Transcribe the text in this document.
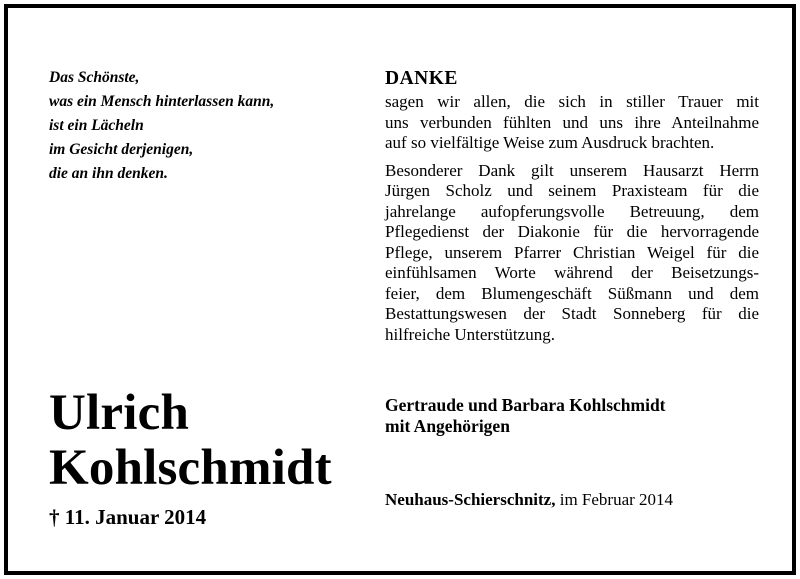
Das Schönste,
was ein Mensch hinterlassen kann,
ist ein Lächeln
im Gesicht derjenigen,
die an ihn denken.
DANKE
sagen wir allen, die sich in stiller Trauer mit
uns verbunden fühlten und uns ihre Anteilnahme
auf so vielfältige Weise zum Ausdruck brachten.
Besonderer Dank gilt unserem Hausarzt Herrn
Jürgen Scholz und seinem Praxisteam für die
jahrelange aufopferungsvolle Betreuung, dem
Pflegedienst der Diakonie für die hervorragende
Pflege, unserem Pfarrer Christian Weigel für die
einfühlsamen Worte während der Beisetzungs-
feier, dem Blumengeschäft Süßmann und dem
Bestattungswesen der Stadt Sonneberg für die
hilfreiche Unterstützung.
Ulrich
Kohlschmidt
† 11. Januar 2014
Gertraude und Barbara Kohlschmidt
mit Angehörigen
Neuhaus-Schierschnitz, im Februar 2014
